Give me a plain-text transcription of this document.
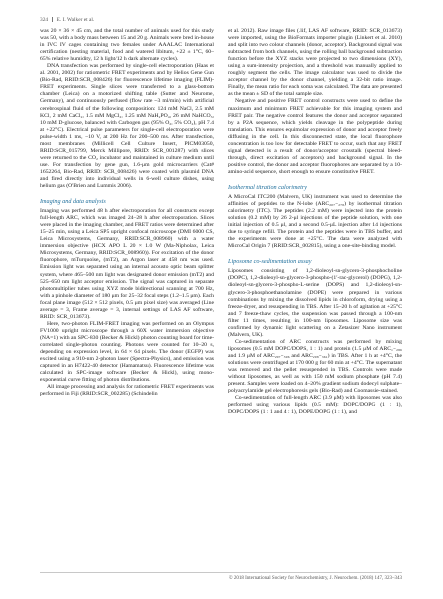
324 E. I. Walker et al.

was 20 × 36 × 45 cm, and the total number of animals used for this study was 50, with a body mass between 15 and 20 g. Animals were bred in-house in IVC IV cages containing two females under AAALAC International certification (nesting material, food and watered libitum, +22 ± 1°C, 60–65% relative humidity, 12 h light/12 h dark alternate cycles).

DNA transfection was performed by single-cell electroporation (Haas et al. 2001, 2002) for ratiometric FRET experiments and by Helios Gene Gun (Bio-Rad, RRID:SCR_008426) for fluorescence lifetime imaging (FLIM)-FRET experiments. Single slices were transferred to a glass-bottom chamber (Leica) on a motorized shifting table (Sutter and Neurome, Germany), and continuously perfused (flow rate ~3 ml/min) with artificial cerebrospinal fluid of the following composition: 124 mM NaCl, 2.5 mM KCl, 2 mM CaCl₂, 1.5 mM MgCl₂, 1.25 mM NaH₂PO₄, 26 mM NaHCO₃, 10 mM D-glucose, balanced with Carbogen gas (95% O₂, 5% CO₂), pH 7.4 at +22°C). Electrical pulse parameters for single-cell electroporation were pulse-width 1 ms, −10 V, at 200 Hz for 200–500 ms. After transfection, most membranes (Millicell Cell Culture Insert, PICM03050, RRID:SCR_015799, Merck Millipore, RRID: SCR_001287) with slices were returned to the CO₂ incubator and maintained in culture medium until use. For transfection by gene gun, 1.6-μm gold microcarriers (Cat# 1652264, Bio-Rad, RRID: SCR_008426) were coated with plasmid DNA and fired directly into individual wells in 6-well culture dishes, using helium gas (O'Brien and Lummis 2006).

Imaging and data analysis

Imaging was performed 48 h after electroporation for all constructs except full-length ARC, which was imaged 24–28 h after electroporation. Slices were placed in the imaging chamber, and FRET ratios were determined after 15–25 min, using a Leica SP5 upright confocal microscope (DMI 6000 CS, Leica Microsystems, Germany, RRID:SCR_008960) with a water immersion objective (HCX APO L 20 × 1.0 W (Ma-Nipholax, Leica Microsystems, Germany, RRID:SCR_008960)). For excitation of the donor fluorophore, mTurquoise₂ (mT2), an Argon laser at 458 nm was used. Emission light was separated using an internal acousto optic beam splitter system, where 465–500 nm light was designated donor emission (mT2) and 525–650 nm light acceptor emission. The signal was captured in separate photomultiplier tubes using XYZ mode bidirectional scanning at 700 Hz, with a pinhole diameter of 180 μm for 25–32 focal steps (1.2–1.5 μm). Each focal plane image (512 × 512 pixels, 0.5 μm pixel size) was averaged (Line average = 3, Frame average = 3, internal settings of LAS AF software, RRID: SCR_013673).

Here, two-photon FLIM-FRET imaging was performed on an Olympus FV1000 upright microscope through a 60X water immersion objective (NA=1) with an SPC-830 (Becker & Hickl) photon counting board for time-correlated single-photon counting. Photons were counted for 10–20 s, depending on expression level, in 64 × 64 pixels. The donor (EGFP) was excited using a 910-nm 2-photon laser (Spectra-Physics), and emission was captured in an H7422-40 detector (Hamamatsu). Fluorescence lifetime was calculated in SPC-image software (Becker & Hickl), using mono-exponential curve fitting of photon distributions.

All image processing and analysis for ratiometric FRET experiments was performed in Fiji (RRID:SCR_002285) (Schindelin

et al. 2012). Raw image files (.lif, LAS AF software, RRID: SCR_013673) were imported, using the BioFormats importer plugin (Linkert et al. 2010) and split into two colour channels (donor, acceptor). Background signal was subtracted from both channels, using the rolling ball background subtraction function before the XYZ stacks were projected to two dimensions (XY), using a sum-intensity projection, and a threshold was manually applied to roughly segment the cells. The image calculator was used to divide the acceptor channel by the donor channel, yielding a 32-bit ratio image. Finally, the mean ratio for each soma was calculated. The data are presented as the mean ± SD of the total sample size.

Negative and positive FRET control constructs were used to define the maximum and minimum FRET achievable for this imaging system and FRET pair. The negative control features the donor and acceptor separated by a P2A sequence, which yields cleavage in the polypeptide during translation. This ensures equimolar expression of donor and acceptor freely diffusing in the cell. In this disconnected state, the local fluorophore concentration is too low for detectable FRET to occur, such that any FRET signal detected is a result of donor/acceptor crosstalk (spectral bleed-through, direct excitation of acceptors) and background signal. In the positive control, the donor and acceptor fluorophores are separated by a 10-amino-acid sequence, short enough to ensure constitutive FRET.

Isothermal titration calorimetry

A MicroCal ITC200 (Malvern, UK) instrument was used to determine the affinities of peptides to the N-lobe (ARC₂₀₇₋₂₇₈) by isothermal titration calorimetry (ITC). The peptides (2.2 mM) were injected into the protein solution (0.2 mM) by 26 2-μl injections of the peptide solution, with one initial injection of 0.5 μl, and a second 0.5-μL injection after 14 injections due to syringe refill. The protein and the peptides were in TBS buffer, and the experiments were done at +25°C. The data were analyzed with MicroCal Origin 7 (RRID:SCR_002815), using a one-site-binding model.

Liposome co-sedimentation assay

Liposomes consisting of 1,2-dioleoyl-sn-glycero-3-phosphocholine (DOPC), 1,2-dioleoyl-sn-glycero-3-phospho-(1′-rac-glycerol) (DOPG), 1,2-dioleoyl-sn-glycero-3-phospho-L-serine (DOPS) and 1,2-dioleoyl-sn-glycero-3-phosphoethanolamine (DOPE) were prepared in various combinations by mixing the dissolved lipids in chloroform, drying using a freeze-dryer, and resuspending in TBS. After 15–20 h of agitation at +25°C and 7 freeze-thaw cycles, the suspension was passed through a 100-nm filter 11 times, resulting in 100-nm liposomes. Liposome size was confirmed by dynamic light scattering on a Zetasizer Nano instrument (Malvern, UK).

Co-sedimentation of ARC constructs was performed by mixing liposomes (0.5 mM DOPC/DOPS, 1 : 1) and protein (1.5 μM of ARC₁₋₂₈₆ and 1.9 μM of ARC₂₀₇₋₃₉₆ and ARC₂₀₈₋₃₆₁) in TBS. After 1 h at +4°C, the solutions were centrifuged at 170 000 g for 60 min at +4°C. The supernatant was removed and the pellet resuspended in TBS. Controls were made without liposomes, as well as with 150 mM sodium phosphate (pH 7.4) present. Samples were loaded on 4–20% gradient sodium dodecyl sulphate–polyacrylamide gel electrophoresis gels (Bio-Rad) and Coomassie-stained.

Co-sedimentation of full-length ARC (3.9 μM) with liposomes was also performed using various lipids (0.5 mM): DOPC/DOPG (1 : 1), DOPC/DOPS (1 : 1 and 4 : 1), DOPE/DOPG (1 : 1), and

© 2018 International Society for Neurochemistry, J. Neurochem. (2018) 147, 323–343
